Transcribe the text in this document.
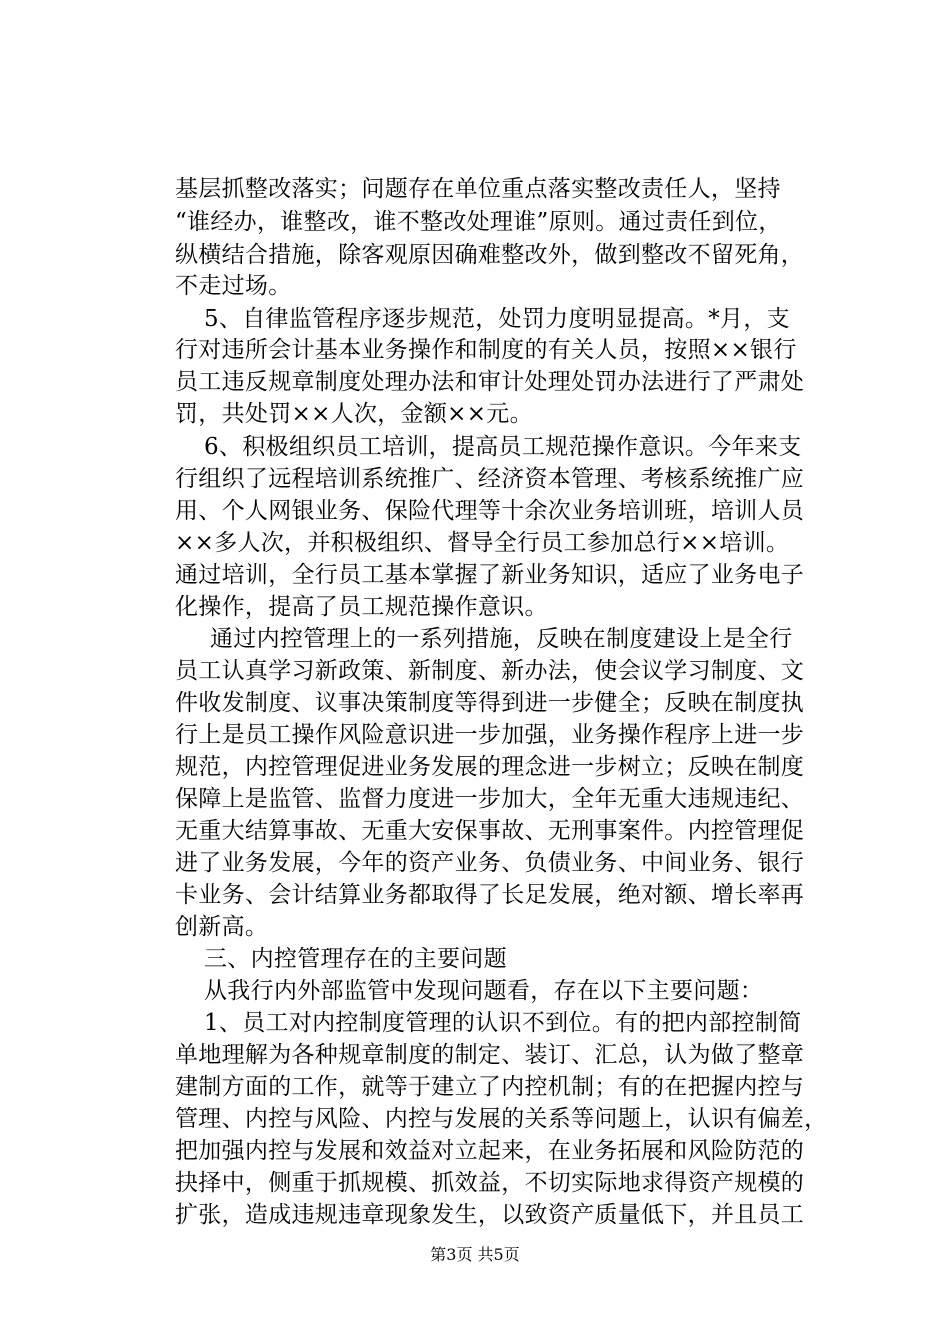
基层抓整改落实；问题存在单位重点落实整改责任人，坚持
“谁经办，谁整改，谁不整改处理谁”原则。通过责任到位，
纵横结合措施，除客观原因确难整改外，做到整改不留死角，
不走过场。
5、自律监管程序逐步规范，处罚力度明显提高。*月，支
行对违所会计基本业务操作和制度的有关人员，按照××银行
员工违反规章制度处理办法和审计处理处罚办法进行了严肃处
罚，共处罚××人次，金额××元。
6、积极组织员工培训，提高员工规范操作意识。今年来支
行组织了远程培训系统推广、经济资本管理、考核系统推广应
用、个人网银业务、保险代理等十余次业务培训班，培训人员
××多人次，并积极组织、督导全行员工参加总行××培训。
通过培训，全行员工基本掌握了新业务知识，适应了业务电子
化操作，提高了员工规范操作意识。
通过内控管理上的一系列措施，反映在制度建设上是全行
员工认真学习新政策、新制度、新办法，使会议学习制度、文
件收发制度、议事决策制度等得到进一步健全；反映在制度执
行上是员工操作风险意识进一步加强，业务操作程序上进一步
规范，内控管理促进业务发展的理念进一步树立；反映在制度
保障上是监管、监督力度进一步加大，全年无重大违规违纪、
无重大结算事故、无重大安保事故、无刑事案件。内控管理促
进了业务发展，今年的资产业务、负债业务、中间业务、银行
卡业务、会计结算业务都取得了长足发展，绝对额、增长率再
创新高。
三、内控管理存在的主要问题
从我行内外部监管中发现问题看，存在以下主要问题：
1、员工对内控制度管理的认识不到位。有的把内部控制简
单地理解为各种规章制度的制定、装订、汇总，认为做了整章
建制方面的工作，就等于建立了内控机制；有的在把握内控与
管理、内控与风险、内控与发展的关系等问题上，认识有偏差，
把加强内控与发展和效益对立起来，在业务拓展和风险防范的
抉择中，侧重于抓规模、抓效益，不切实际地求得资产规模的
扩张，造成违规违章现象发生，以致资产质量低下，并且员工
第3页 共5页
